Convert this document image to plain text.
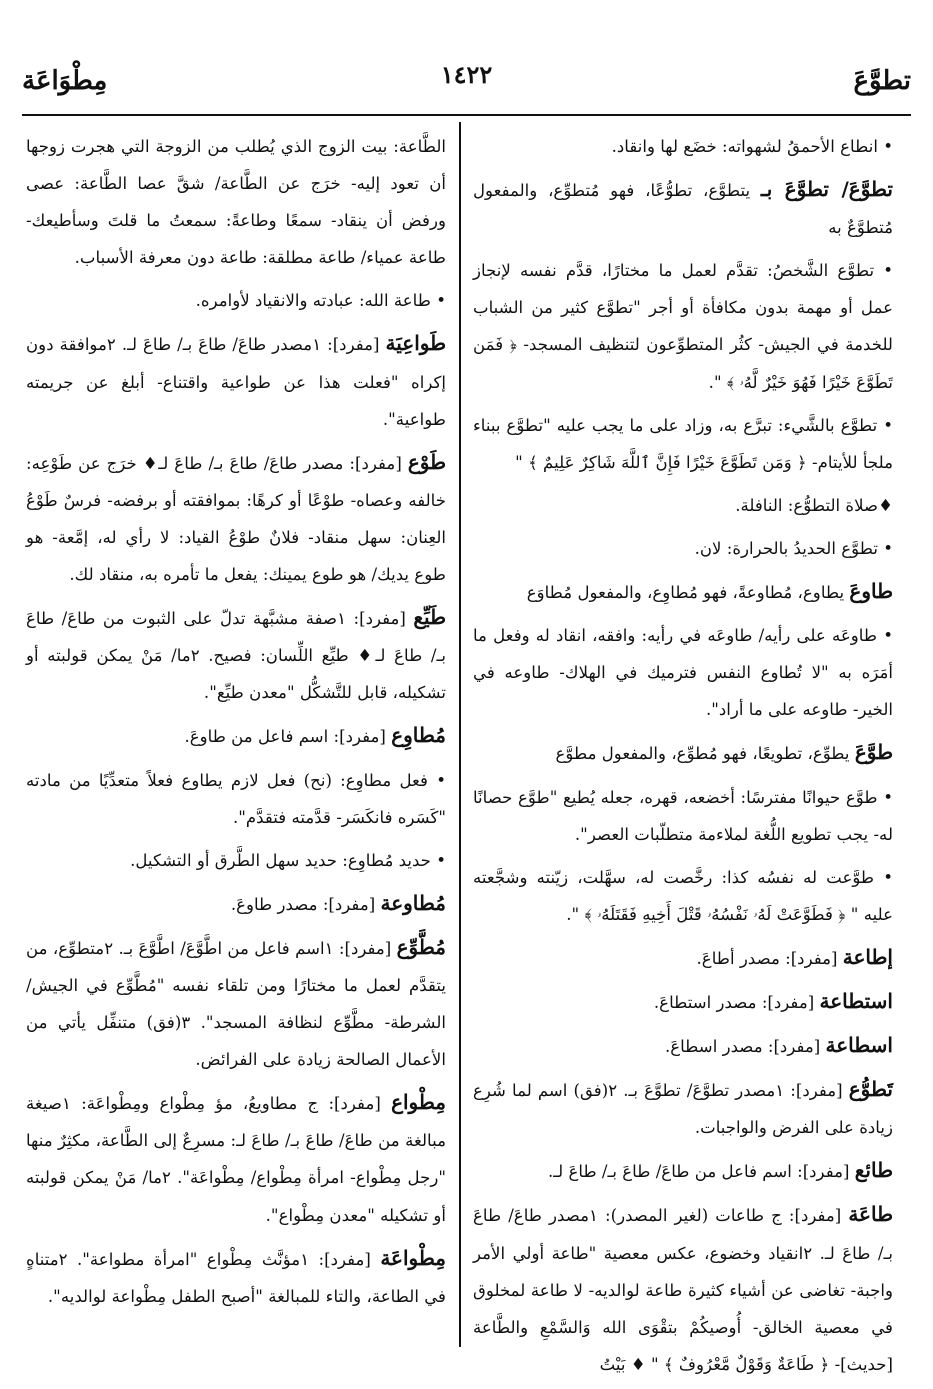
تطوَّعَ
١٤٢٢
مِطْوَاعَة

• انطاع الأحمقُ لشهواته: خضَع لها وانقاد.

تطوَّعَ/ تطوَّعَ بـ يتطوَّع، تطوُّعًا، فهو مُتطوِّع، والمفعول مُتطوَّعٌ به

• تطوَّع الشَّخصُ: تقدَّم لعمل ما مختارًا، قدَّم نفسه لإنجاز عمل أو مهمة بدون مكافأة أو أجر "تطوَّع كثير من الشباب للخدمة في الجيش- كثُر المتطوِّعون لتنظيف المسجد- ﴿ فَمَن تَطَوَّعَ خَيْرًا فَهُوَ خَيْرٌ لَّهُۥ ﴾ ".

• تطوَّع بالشَّيء: تبرَّع به، وزاد على ما يجب عليه "تطوَّع ببناء ملجأ للأيتام- ﴿ وَمَن تَطَوَّعَ خَيْرًا فَإِنَّ ٱللَّهَ شَاكِرٌ عَلِيمٌ ﴾ "

♦صلاة التطوُّع: النافلة.

• تطوَّع الحديدُ بالحرارة: لان.

طاوعَ يطاوع، مُطاوعةً، فهو مُطاوِع، والمفعول مُطاوَع

• طاوعَه على رأيه/ طاوعَه في رأيه: وافقه، انقاد له وفعل ما أمَرَه به "لا تُطاوع النفس فترميك في الهلاك- طاوعه في الخير- طاوعه على ما أراد".

طوَّعَ يطوِّع، تطويعًا، فهو مُطوِّع، والمفعول مطوَّع

• طوَّع حيوانًا مفترسًا: أخضعه، قهره، جعله يُطيع "طوَّع حصانًا له- يجب تطويع اللُّغة لملاءمة متطلّبات العصر".

• طوَّعت له نفسُه كذا: رخَّصت له، سهَّلت، زيّنته وشجَّعته عليه " ﴿ فَطَوَّعَتْ لَهُۥ نَفْسُهُۥ قَتْلَ أَخِيهِ فَقَتَلَهُۥ ﴾ ".

إطاعة [مفرد]: مصدر أطاعَ.

استطاعة [مفرد]: مصدر استطاعَ.

اسطاعة [مفرد]: مصدر اسطاعَ.

تَطوُّع [مفرد]: ١مصدر تطوَّعَ/ تطوَّعَ بـ. ٢(فق) اسم لما شُرِع زيادة على الفرض والواجبات.

طائع [مفرد]: اسم فاعل من طاعَ/ طاعَ بـ/ طاعَ لـ.

طاعَة [مفرد]: ج طاعات (لغير المصدر): ١مصدر طاعَ/ طاعَ بـ/ طاعَ لـ. ٢انقياد وخضوع، عكس معصية "طاعة أولي الأمر واجبة- تغاضى عن أشياء كثيرة طاعة لوالديه- لا طاعة لمخلوق في معصية الخالق- أُوصيكُمْ بتقْوَى الله وَالسَّمْعِ والطَّاعة [حديث]- ﴿ طَاعَةٌ وَقَوْلٌ مَّعْرُوفٌ ﴾ " ♦ بَيْتُ

الطَّاعة: بيت الزوج الذي يُطلب من الزوجة التي هجرت زوجها أن تعود إليه- خرَج عن الطَّاعة/ شقَّ عصا الطَّاعة: عصى ورفض أن ينقاد- سمعًا وطاعةً: سمعتُ ما قلتَ وسأطيعك- طاعة عمياء/ طاعة مطلقة: طاعة دون معرفة الأسباب.

• طاعة الله: عبادته والانقياد لأوامره.

طَواعِيَة [مفرد]: ١مصدر طاعَ/ طاعَ بـ/ طاعَ لـ. ٢موافقة دون إكراه "فعلت هذا عن طواعية واقتناع- أبلغ عن جريمته طواعية".

طَوْع [مفرد]: مصدر طاعَ/ طاعَ بـ/ طاعَ لـ♦ خرَج عن طَوْعِه: خالفه وعصاه- طوْعًا أو كرهًا: بموافقته أو برفضه- فرسٌ طَوْعُ العِنان: سهل منقاد- فلانٌ طوْعُ القياد: لا رأي له، إمَّعة- هو طوع يديك/ هو طوع يمينك: يفعل ما تأمره به، منقاد لك.

طَيِّع [مفرد]: ١صفة مشبَّهة تدلّ على الثبوت من طاعَ/ طاعَ بـ/ طاعَ لـ♦ طيِّع اللِّسان: فصيح. ٢ما/ مَنْ يمكن قولبته أو تشكيله، قابل للتَّشكُّل "معدن طيِّع".

مُطاوِع [مفرد]: اسم فاعل من طاوعَ.

• فعل مطاوِع: (نح) فعل لازم يطاوع فعلاً متعدِّيًا من مادته "كَسَره فانكَسَر- قدَّمته فتقدَّم".

• حديد مُطاوِع: حديد سهل الطَّرق أو التشكيل.

مُطاوعة [مفرد]: مصدر طاوعَ.

مُطَّوِّع [مفرد]: ١اسم فاعل من اطَّوَّعَ/ اطَّوَّعَ بـ. ٢متطوِّع، من يتقدَّم لعمل ما مختارًا ومن تلقاء نفسه "مُطَّوِّع في الجيش/ الشرطة- مطَّوِّع لنظافة المسجد". ٣(فق) متنفِّل يأتي من الأعمال الصالحة زيادة على الفرائض.

مِطْواع [مفرد]: ج مطاويعُ، مؤ مِطْواع ومِطْواعَة: ١صيغة مبالغة من طاعَ/ طاعَ بـ/ طاعَ لـ: مسرِعٌ إلى الطَّاعة، مكثِرٌ منها "رجل مِطْواع- امرأة مِطْواع/ مِطْواعَة". ٢ما/ مَنْ يمكن قولبته أو تشكيله "معدن مِطْواع".

مِطْواعَة [مفرد]: ١مؤنَّث مِطْواع "امرأة مطواعة". ٢متناهٍ في الطاعة، والتاء للمبالغة "أصبح الطفل مِطْواعة لوالديه".
